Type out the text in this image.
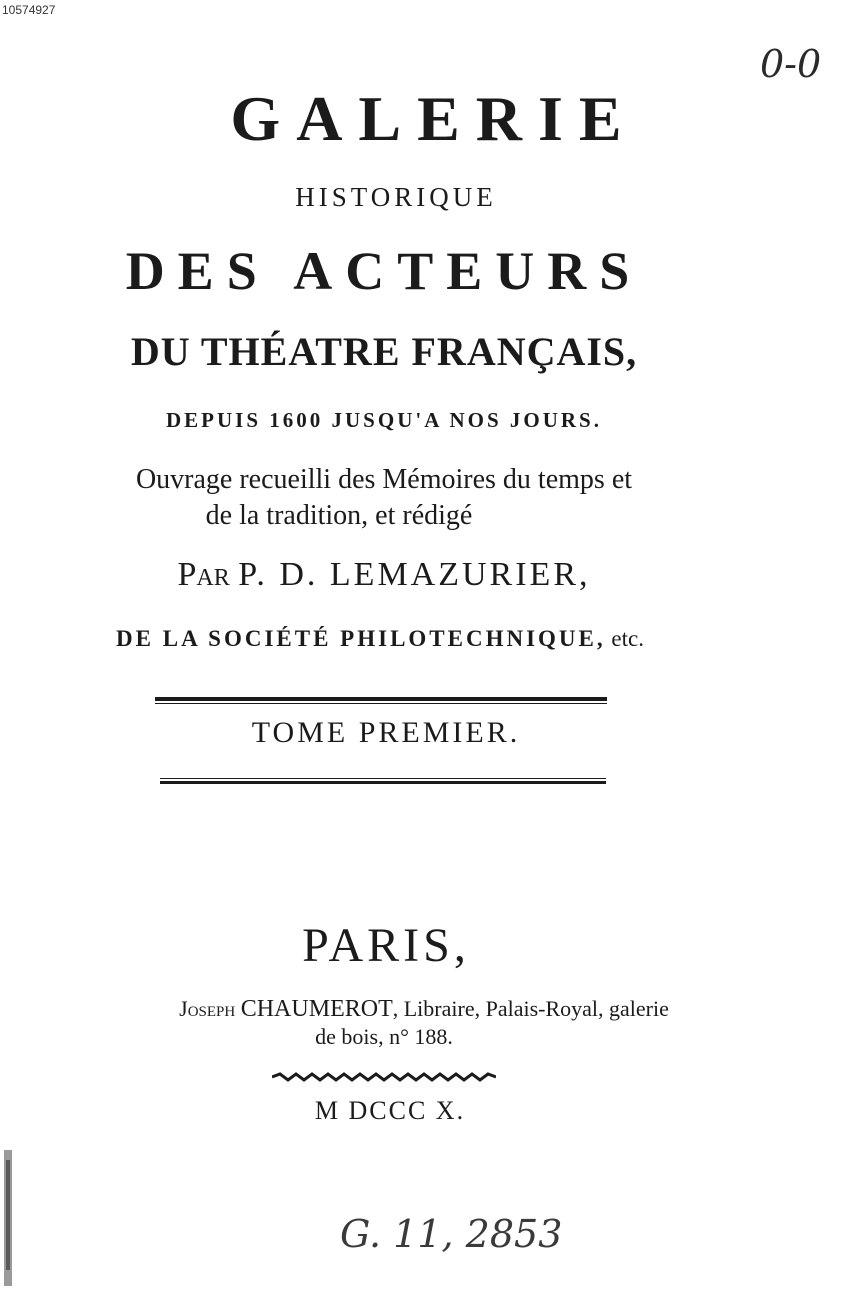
10574927
0-0
GALERIE
HISTORIQUE
DES ACTEURS
DU THÉATRE FRANÇAIS,
DEPUIS 1600 JUSQU'A NOS JOURS.
Ouvrage recueilli des Mémoires du temps et
de la tradition, et rédigé
Par P. D. LEMAZURIER,
DE LA SOCIÉTÉ PHILOTECHNIQUE, etc.
TOME PREMIER.
PARIS,
Joseph CHAUMEROT, Libraire, Palais-Royal, galerie
de bois, n° 188.
M DCCC X.
G. 11, 2853
